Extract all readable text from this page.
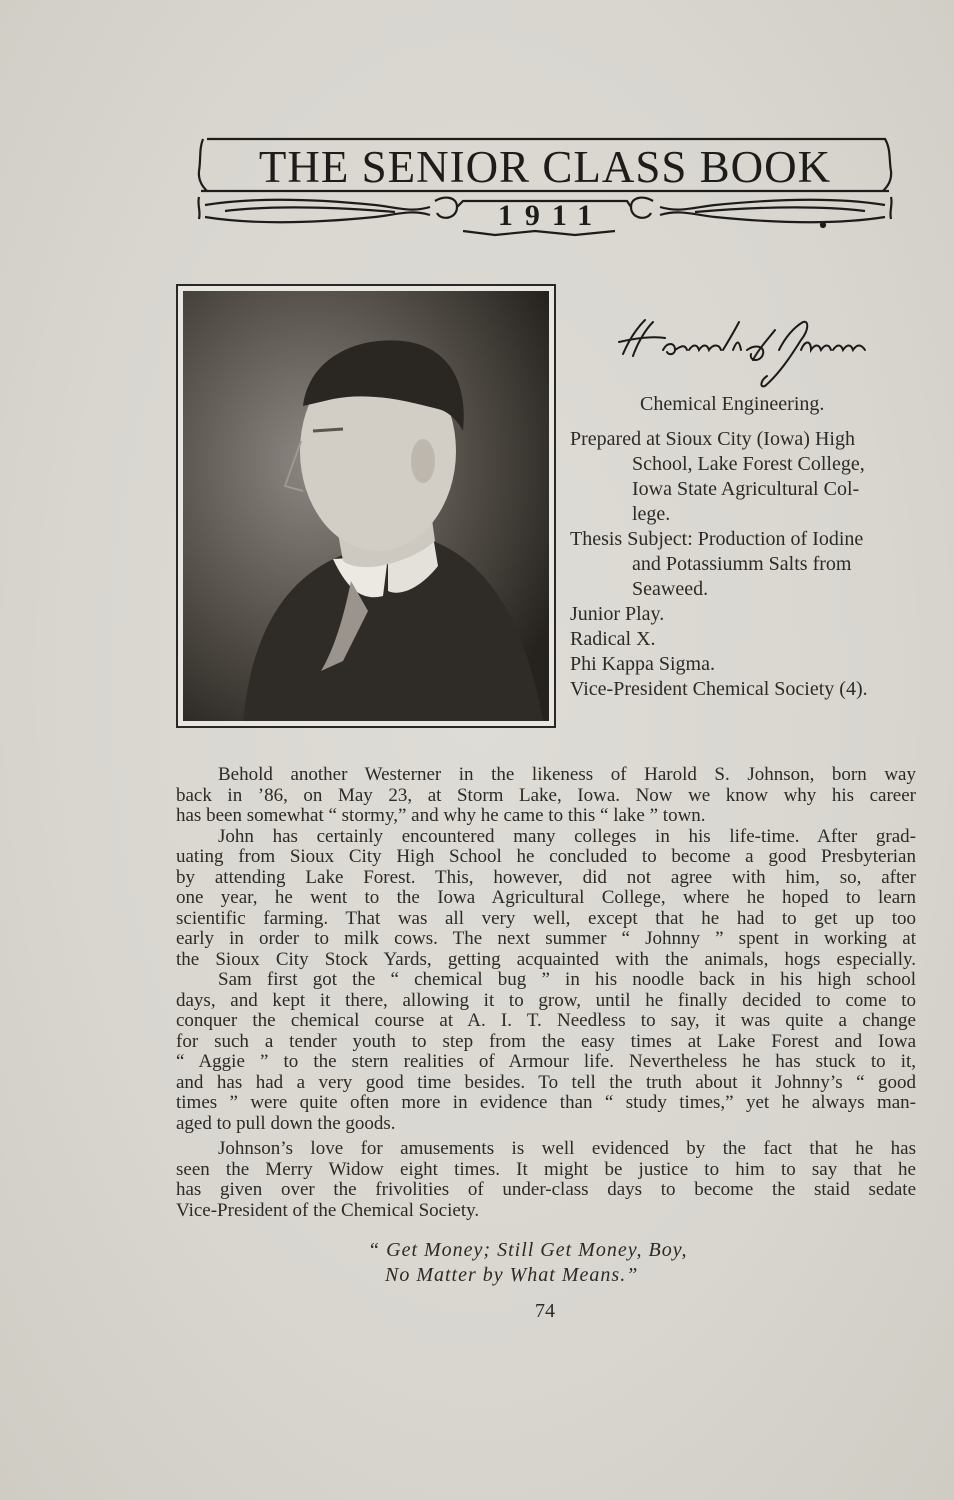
THE SENIOR CLASS BOOK
1911
Chemical Engineering.
Prepared at Sioux City (Iowa) High
School, Lake Forest College,
Iowa State Agricultural Col-
lege.
Thesis Subject: Production of Iodine
and Potassiumm Salts from
Seaweed.
Junior Play.
Radical X.
Phi Kappa Sigma.
Vice-President Chemical Society (4).
Behold another Westerner in the likeness of Harold S. Johnson, born way
back in ’86, on May 23, at Storm Lake, Iowa. Now we know why his career
has been somewhat “ stormy,” and why he came to this “ lake ” town.
John has certainly encountered many colleges in his life-time. After grad-
uating from Sioux City High School he concluded to become a good Presbyterian
by attending Lake Forest. This, however, did not agree with him, so, after
one year, he went to the Iowa Agricultural College, where he hoped to learn
scientific farming. That was all very well, except that he had to get up too
early in order to milk cows. The next summer “ Johnny ” spent in working at
the Sioux City Stock Yards, getting acquainted with the animals, hogs especially.
Sam first got the “ chemical bug ” in his noodle back in his high school
days, and kept it there, allowing it to grow, until he finally decided to come to
conquer the chemical course at A. I. T. Needless to say, it was quite a change
for such a tender youth to step from the easy times at Lake Forest and Iowa
“ Aggie ” to the stern realities of Armour life. Nevertheless he has stuck to it,
and has had a very good time besides. To tell the truth about it Johnny’s “ good
times ” were quite often more in evidence than “ study times,” yet he always man-
aged to pull down the goods.
Johnson’s love for amusements is well evidenced by the fact that he has
seen the Merry Widow eight times. It might be justice to him to say that he
has given over the frivolities of under-class days to become the staid sedate
Vice-President of the Chemical Society.
“ Get Money; Still Get Money, Boy,
No Matter by What Means.”
74
